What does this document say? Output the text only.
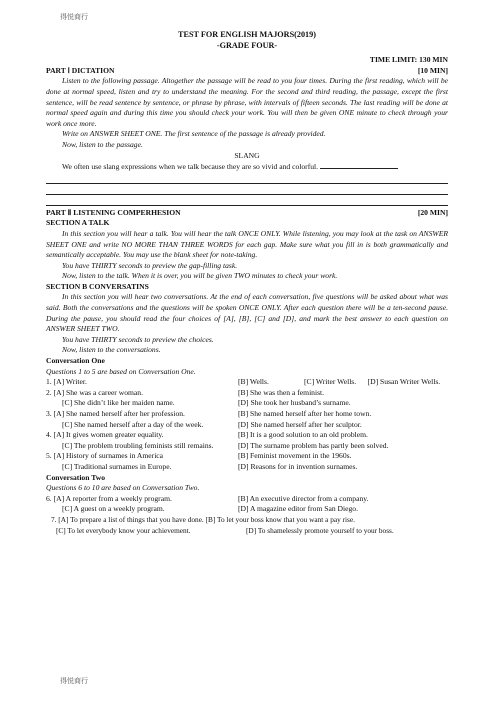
得悦商行
TEST FOR ENGLISH MAJORS(2019)
-GRADE FOUR-
TIME LIMIT: 130 MIN
PART Ⅰ DICTATION	[10 MIN]
Listen to the following passage. Altogether the passage will be read to you four times. During the first reading, which will be done at normal speed, listen and try to understand the meaning. For the second and third reading, the passage, except the first sentence, will be read sentence by sentence, or phrase by phrase, with intervals of fifteen seconds. The last reading will be done at normal speed again and during this time you should check your work. You will then be given ONE minute to check through your work once more.
Write on ANSWER SHEET ONE. The first sentence of the passage is already provided.
Now, listen to the passage.
SLANG
We often use slang expressions when we talk because they are so vivid and colorful.
PART Ⅱ LISTENING COMPERHESION	[20 MIN]
SECTION A TALK
In this section you will hear a talk. You will hear the talk ONCE ONLY. While listening, you may look at the task on ANSWER SHEET ONE and write NO MORE THAN THREE WORDS for each gap. Make sure what you fill in is both grammatically and semantically acceptable. You may use the blank sheet for note-taking.
You have THIRTY seconds to preview the gap-filling task.
Now, listen to the talk. When it is over, you will be given TWO minutes to check your work.
SECTION B CONVERSATINS
In this section you will hear two conversations. At the end of each conversation, five questions will be asked about what was said. Both the conversations and the questions will be spoken ONCE ONLY. After each question there will be a ten-second pause. During the pause, you should read the four choices of [A], [B], [C] and [D], and mark the best answer to each question on ANSWER SHEET TWO.
You have THIRTY seconds to preview the choices.
Now, listen to the conversations.
Conversation One
Questions 1 to 5 are based on Conversation One.
1. [A] Writer.	[B] Wells.	[C] Writer Wells. [D] Susan Writer Wells.
2. [A] She was a career woman.	[B] She was then a feminist.
[C] She didn’t like her maiden name.	[D] She took her husband’s surname.
3. [A] She named herself after her profession.	[B] She named herself after her home town.
[C] She named herself after a day of the week.	[D] She named herself after her sculptor.
4. [A] It gives women greater equality.	[B] It is a good solution to an old problem.
[C] The problem troubling feminists still remains.	[D] The surname problem has partly been solved.
5. [A] History of surnames in America	[B] Feminist movement in the 1960s.
[C] Traditional surnames in Europe.	[D] Reasons for in invention surnames.
Conversation Two
Questions 6 to 10 are based on Conversation Two.
6. [A] A reporter from a weekly program.	[B] An executive director from a company.
[C] A guest on a weekly program.	[D] A magazine editor from San Diego.
7. [A] To prepare a list of things that you have done. [B] To let your boss know that you want a pay rise.
[C] To let everybody know your achievement.	[D] To shamelessly promote yourself to your boss.
得悦商行
